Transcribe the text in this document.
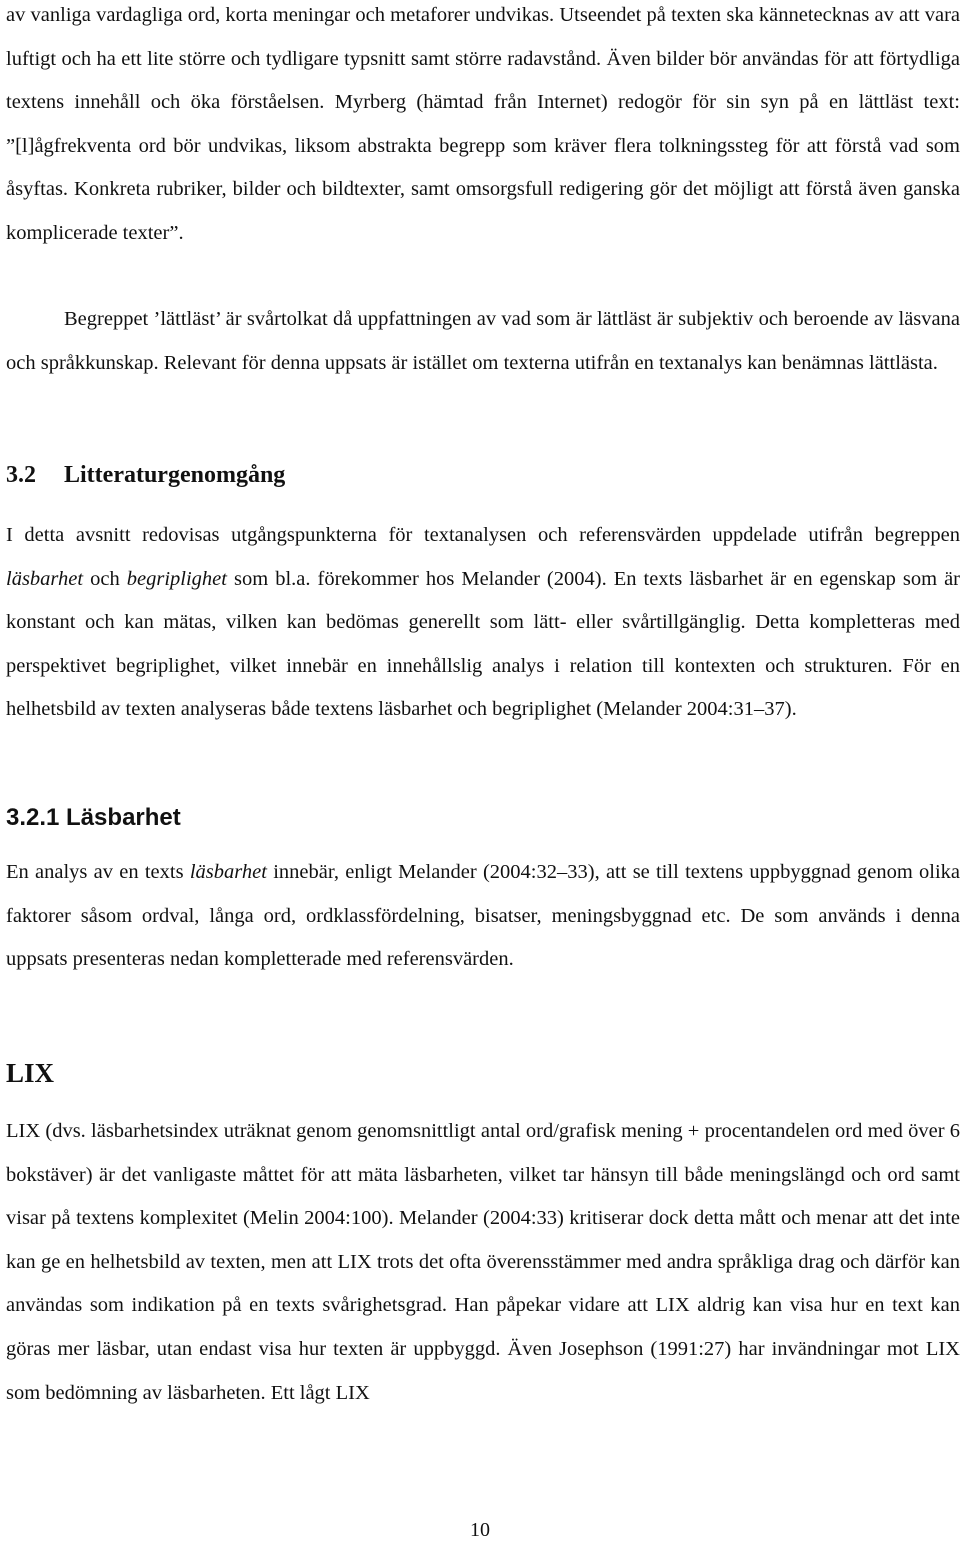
av vanliga vardagliga ord, korta meningar och metaforer undvikas. Utseendet på texten ska kännetecknas av att vara luftigt och ha ett lite större och tydligare typsnitt samt större radavstånd. Även bilder bör användas för att förtydliga textens innehåll och öka förståelsen. Myrberg (hämtad från Internet) redogör för sin syn på en lättläst text: ”[l]ågfrekventa ord bör undvikas, liksom abstrakta begrepp som kräver flera tolkningssteg för att förstå vad som åsyftas. Konkreta rubriker, bilder och bildtexter, samt omsorgsfull redigering gör det möjligt att förstå även ganska komplicerade texter”.

Begreppet ’lättläst’ är svårtolkat då uppfattningen av vad som är lättläst är subjektiv och beroende av läsvana och språkkunskap. Relevant för denna uppsats är istället om texterna utifrån en textanalys kan benämnas lättlästa.

3.2 Litteraturgenomgång

I detta avsnitt redovisas utgångspunkterna för textanalysen och referensvärden uppdelade utifrån begreppen läsbarhet och begriplighet som bl.a. förekommer hos Melander (2004). En texts läsbarhet är en egenskap som är konstant och kan mätas, vilken kan bedömas generellt som lätt- eller svårtillgänglig. Detta kompletteras med perspektivet begriplighet, vilket innebär en innehållslig analys i relation till kontexten och strukturen. För en helhetsbild av texten analyseras både textens läsbarhet och begriplighet (Melander 2004:31–37).

3.2.1 Läsbarhet

En analys av en texts läsbarhet innebär, enligt Melander (2004:32–33), att se till textens uppbyggnad genom olika faktorer såsom ordval, långa ord, ordklassfördelning, bisatser, meningsbyggnad etc. De som används i denna uppsats presenteras nedan kompletterade med referensvärden.

LIX

LIX (dvs. läsbarhetsindex uträknat genom genomsnittligt antal ord/grafisk mening + procentandelen ord med över 6 bokstäver) är det vanligaste måttet för att mäta läsbarheten, vilket tar hänsyn till både meningslängd och ord samt visar på textens komplexitet (Melin 2004:100). Melander (2004:33) kritiserar dock detta mått och menar att det inte kan ge en helhetsbild av texten, men att LIX trots det ofta överensstämmer med andra språkliga drag och därför kan användas som indikation på en texts svårighetsgrad. Han påpekar vidare att LIX aldrig kan visa hur en text kan göras mer läsbar, utan endast visa hur texten är uppbyggd. Även Josephson (1991:27) har invändningar mot LIX som bedömning av läsbarheten. Ett lågt LIX

10
